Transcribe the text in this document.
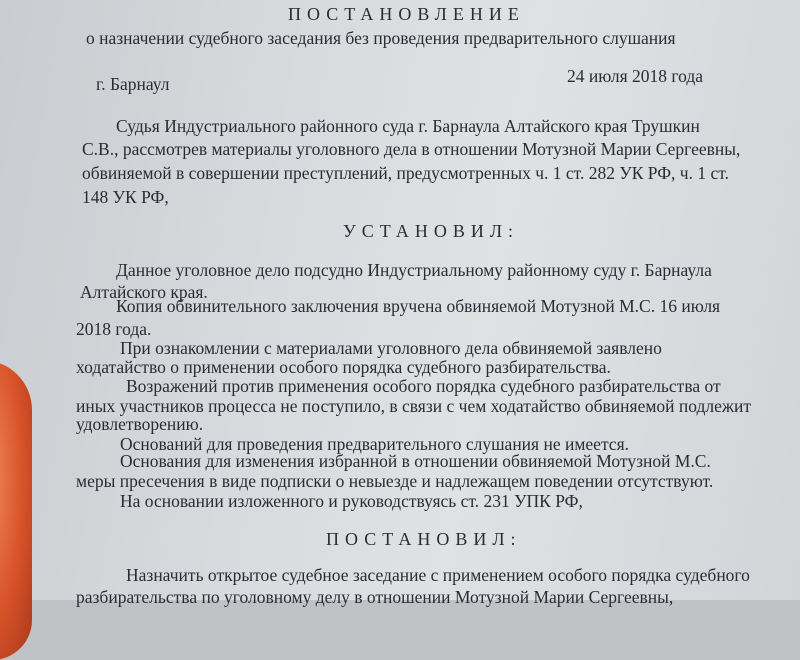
ПОСТАНОВЛЕНИЕ
о назначении судебного заседания без проведения предварительного слушания
г. Барнаул	24 июля 2018 года
Судья Индустриального районного суда г. Барнаула Алтайского края Трушкин
С.В., рассмотрев материалы уголовного дела в отношении Мотузной Марии Сергеевны,
обвиняемой в совершении преступлений, предусмотренных ч. 1 ст. 282 УК РФ, ч. 1 ст.
148 УК РФ,
УСТАНОВИЛ:
Данное уголовное дело подсудно Индустриальному районному суду г. Барнаула
Алтайского края.
Копия обвинительного заключения вручена обвиняемой Мотузной М.С. 16 июля
2018 года.
При ознакомлении с материалами уголовного дела обвиняемой заявлено
ходатайство о применении особого порядка судебного разбирательства.
Возражений против применения особого порядка судебного разбирательства от
иных участников процесса не поступило, в связи с чем ходатайство обвиняемой подлежит
удовлетворению.
Оснований для проведения предварительного слушания не имеется.
Основания для изменения избранной в отношении обвиняемой Мотузной М.С.
меры пресечения в виде подписки о невыезде и надлежащем поведении отсутствуют.
На основании изложенного и руководствуясь ст. 231 УПК РФ,
ПОСТАНОВИЛ:
Назначить открытое судебное заседание с применением особого порядка судебного
разбирательства по уголовному делу в отношении Мотузной Марии Сергеевны,
